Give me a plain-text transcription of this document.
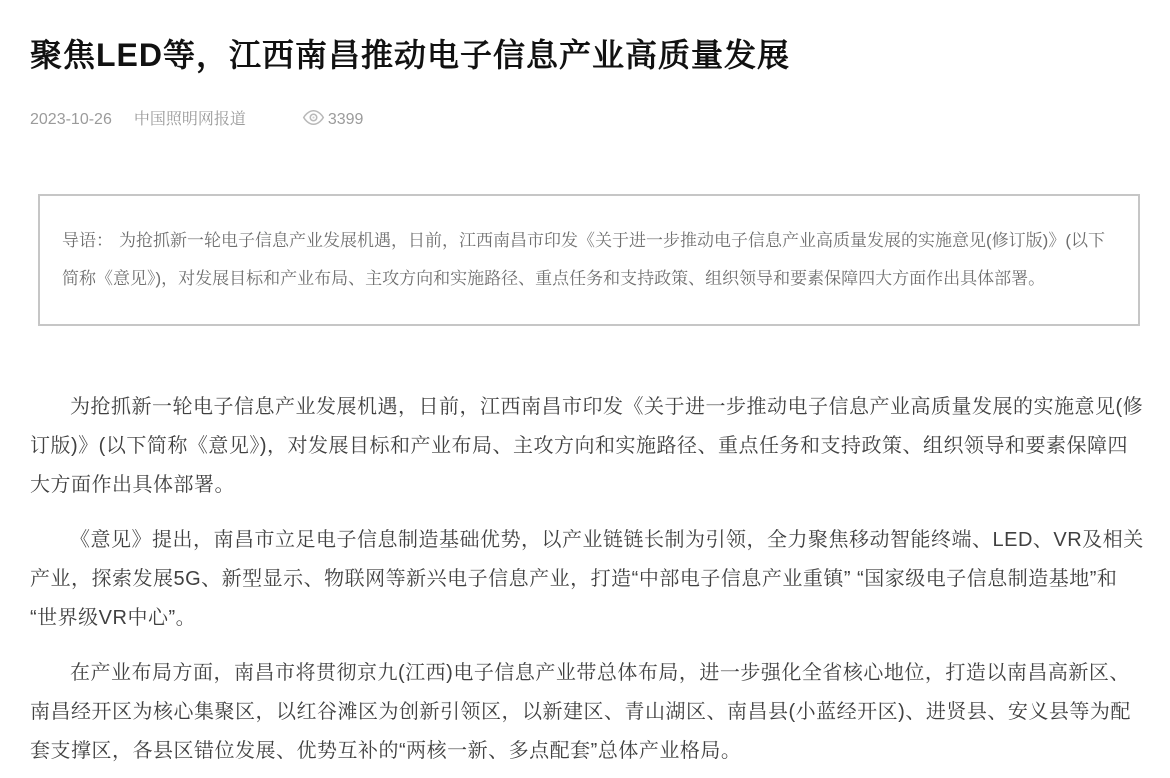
聚焦LED等，江西南昌推动电子信息产业高质量发展
2023-10-26 中国照明网报道	3399
导语： 为抢抓新一轮电子信息产业发展机遇，日前，江西南昌市印发《关于进一步推动电子信息产业高质量发展的实施意见(修订版)》(以下简称《意见》)，对发展目标和产业布局、主攻方向和实施路径、重点任务和支持政策、组织领导和要素保障四大方面作出具体部署。

为抢抓新一轮电子信息产业发展机遇，日前，江西南昌市印发《关于进一步推动电子信息产业高质量发展的实施意见(修订版)》(以下简称《意见》)，对发展目标和产业布局、主攻方向和实施路径、重点任务和支持政策、组织领导和要素保障四大方面作出具体部署。

《意见》提出，南昌市立足电子信息制造基础优势，以产业链链长制为引领，全力聚焦移动智能终端、LED、VR及相关产业，探索发展5G、新型显示、物联网等新兴电子信息产业，打造“中部电子信息产业重镇” “国家级电子信息制造基地”和“世界级VR中心”。

在产业布局方面，南昌市将贯彻京九(江西)电子信息产业带总体布局，进一步强化全省核心地位，打造以南昌高新区、南昌经开区为核心集聚区，以红谷滩区为创新引领区，以新建区、青山湖区、南昌县(小蓝经开区)、进贤县、安义县等为配套支撑区，各县区错位发展、优势互补的“两核一新、多点配套”总体产业格局。
